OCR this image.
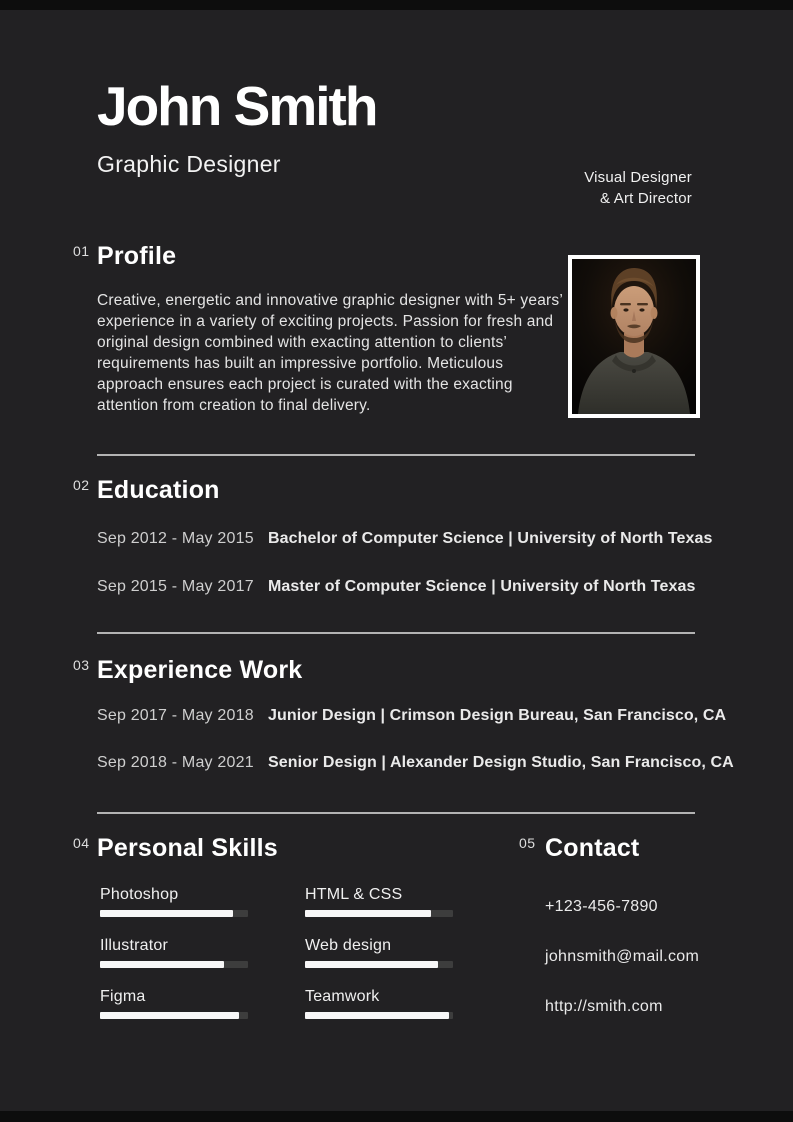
John Smith
Graphic Designer
Visual Designer
& Art Director
01 Profile
Creative, energetic and innovative graphic designer with 5+ years’ experience in a variety of exciting projects. Passion for fresh and original design combined with exacting attention to clients’ requirements has built an impressive portfolio. Meticulous approach ensures each project is curated with the exacting attention from creation to final delivery.
02 Education
Sep 2012 - May 2015 Bachelor of Computer Science | University of North Texas
Sep 2015 - May 2017 Master of Computer Science | University of North Texas
03 Experience Work
Sep 2017 - May 2018 Junior Design | Crimson Design Bureau, San Francisco, CA
Sep 2018 - May 2021 Senior Design | Alexander Design Studio, San Francisco, CA
04 Personal Skills
Photoshop	HTML & CSS
Illustrator	Web design
Figma	Teamwork
05 Contact
+123-456-7890
johnsmith@mail.com
http://smith.com
